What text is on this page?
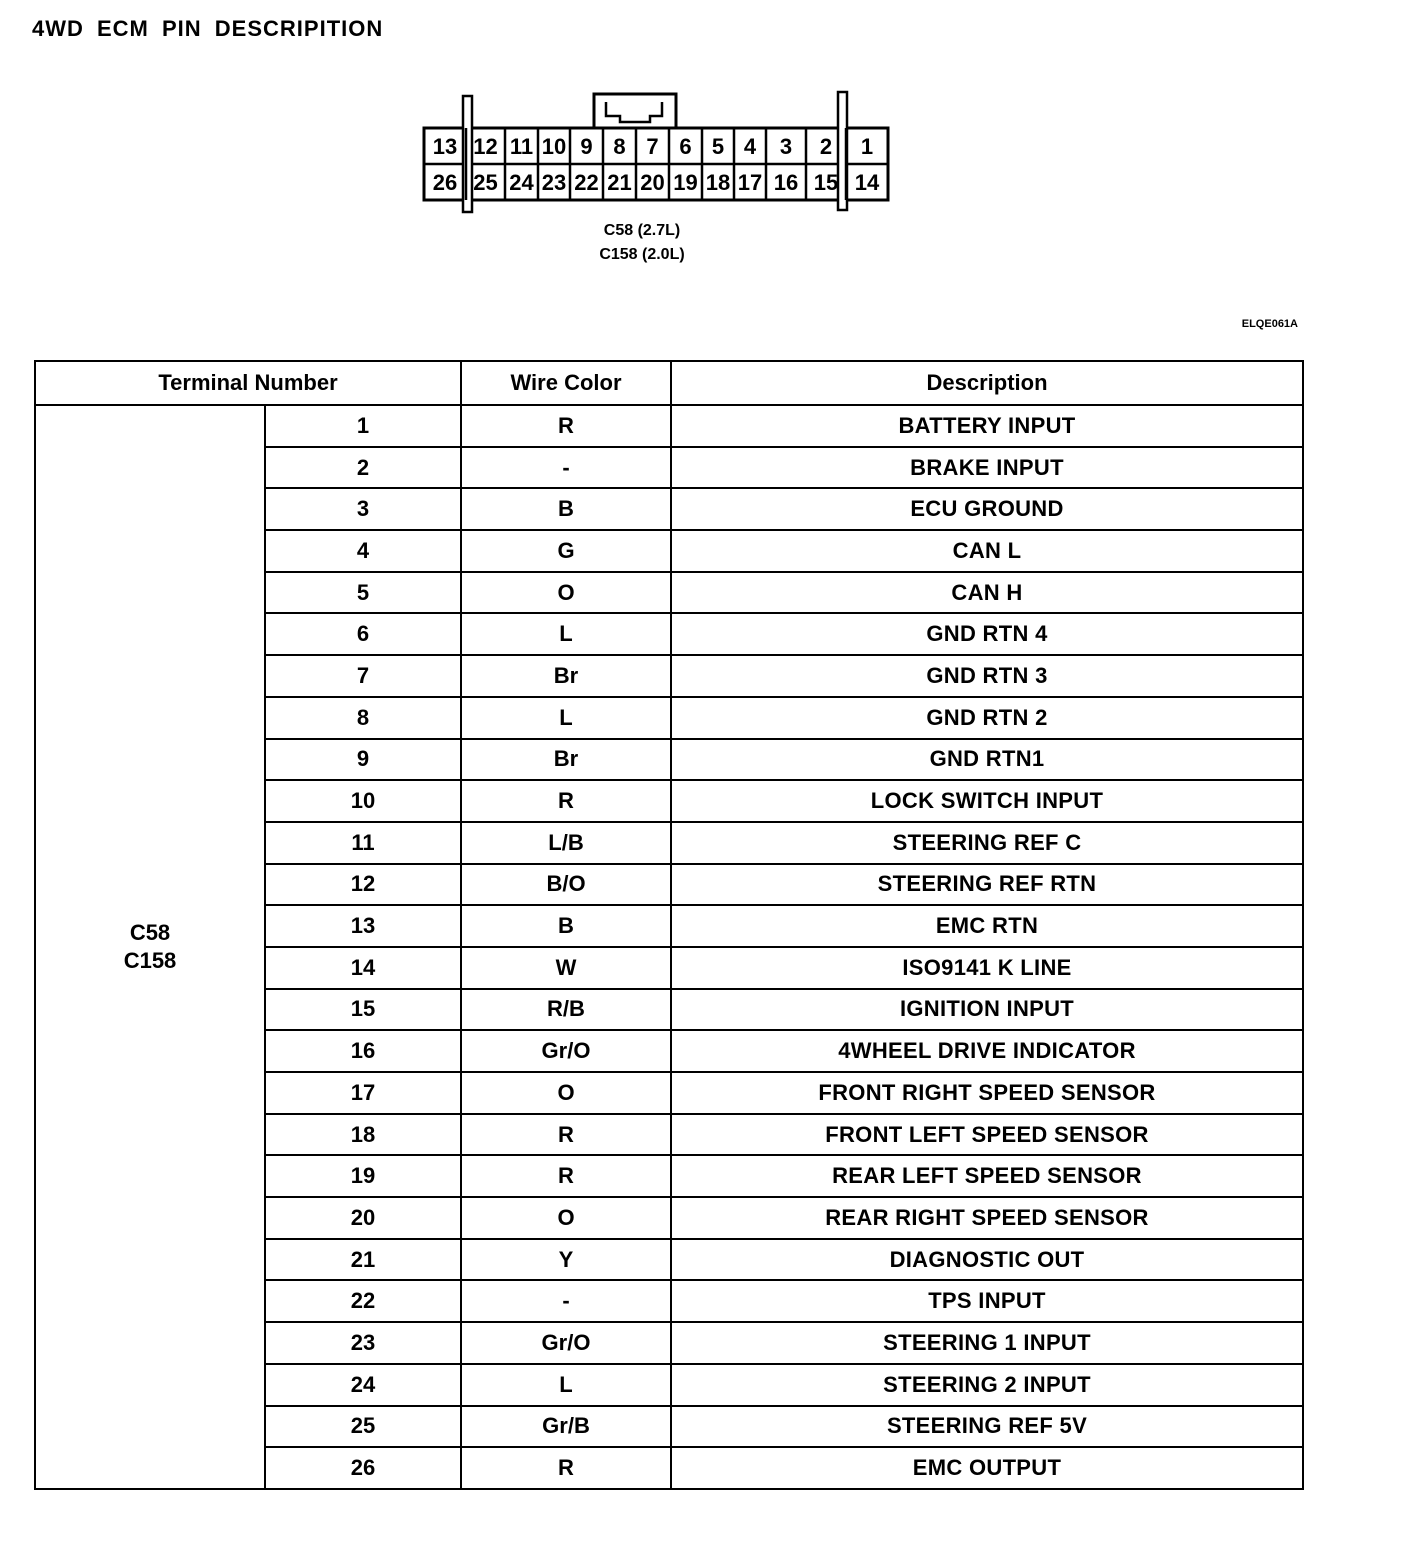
4WD ECM PIN DESCRIPITION
13 12 11 10 9 8 7 6 5 4	3	2	1
26 25 24 23 22 21 20 19 18 17 16 15 14
C58 (2.7L)
C158 (2.0L)
ELQE061A
Terminal Number		Wire Color	Description

C58
C158	1	R	BATTERY INPUT
	2	-	BRAKE INPUT
	3	B	ECU GROUND
	4	G	CAN L
	5	O	CAN H
	6	L	GND RTN 4
	7	Br	GND RTN 3
	8	L	GND RTN 2
	9	Br	GND RTN1
	10	R	LOCK SWITCH INPUT
	11	L/B	STEERING REF C
	12	B/O	STEERING REF RTN
	13	B	EMC RTN
	14	W	ISO9141 K LINE
	15	R/B	IGNITION INPUT
	16	Gr/O	4WHEEL DRIVE INDICATOR
	17	O	FRONT RIGHT SPEED SENSOR
	18	R	FRONT LEFT SPEED SENSOR
	19	R	REAR LEFT SPEED SENSOR
	20	O	REAR RIGHT SPEED SENSOR
	21	Y	DIAGNOSTIC OUT
	22	-	TPS INPUT
	23	Gr/O	STEERING 1 INPUT
	24	L	STEERING 2 INPUT
	25	Gr/B	STEERING REF 5V
	26	R	EMC OUTPUT
